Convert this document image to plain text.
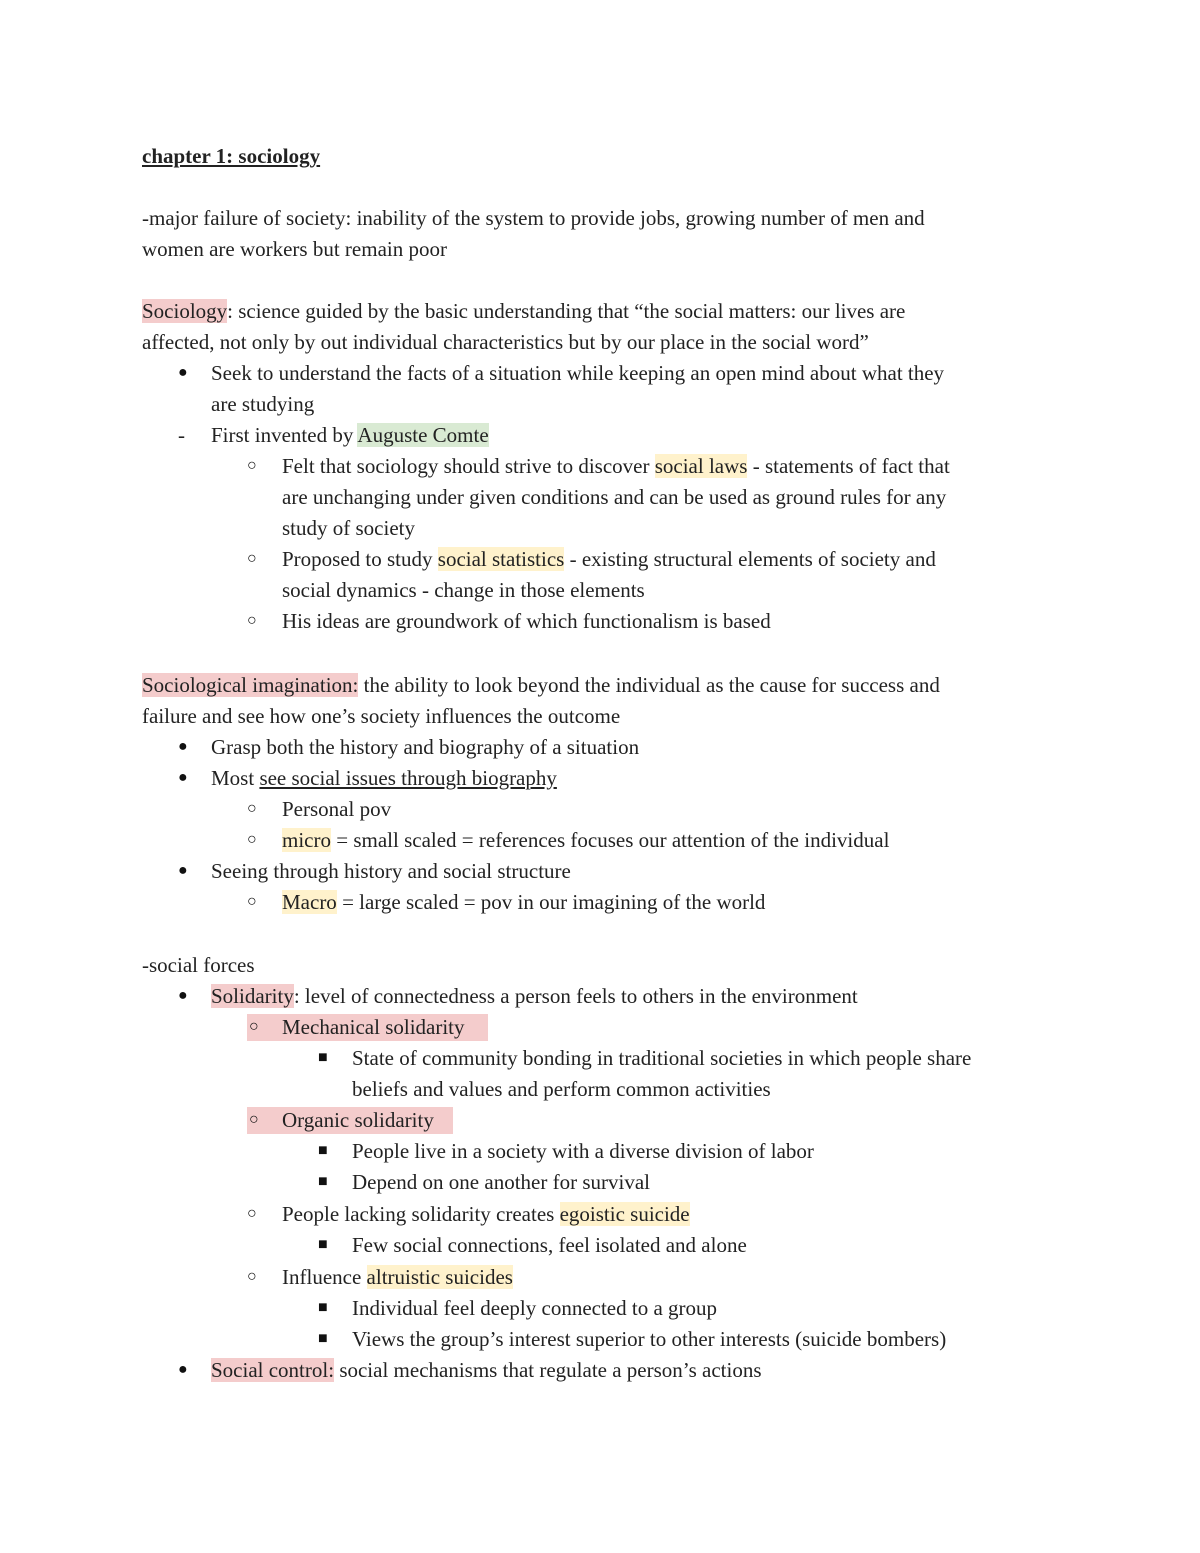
chapter 1: sociology
-major failure of society: inability of the system to provide jobs, growing number of men and
women are workers but remain poor
Sociology: science guided by the basic understanding that “the social matters: our lives are
affected, not only by out individual characteristics but by our place in the social word”
● Seek to understand the facts of a situation while keeping an open mind about what they
are studying
- First invented by Auguste Comte
○ Felt that sociology should strive to discover social laws - statements of fact that
are unchanging under given conditions and can be used as ground rules for any
study of society
○ Proposed to study social statistics - existing structural elements of society and
social dynamics - change in those elements
○ His ideas are groundwork of which functionalism is based
Sociological imagination: the ability to look beyond the individual as the cause for success and
failure and see how one’s society influences the outcome
● Grasp both the history and biography of a situation
● Most see social issues through biography
○ Personal pov
○ micro = small scaled = references focuses our attention of the individual
● Seeing through history and social structure
○ Macro = large scaled = pov in our imagining of the world
-social forces
● Solidarity: level of connectedness a person feels to others in the environment
○ Mechanical solidarity
■ State of community bonding in traditional societies in which people share
beliefs and values and perform common activities
○ Organic solidarity
■ People live in a society with a diverse division of labor
■ Depend on one another for survival
○ People lacking solidarity creates egoistic suicide
■ Few social connections, feel isolated and alone
○ Influence altruistic suicides
■ Individual feel deeply connected to a group
■ Views the group’s interest superior to other interests (suicide bombers)
● Social control: social mechanisms that regulate a person’s actions
